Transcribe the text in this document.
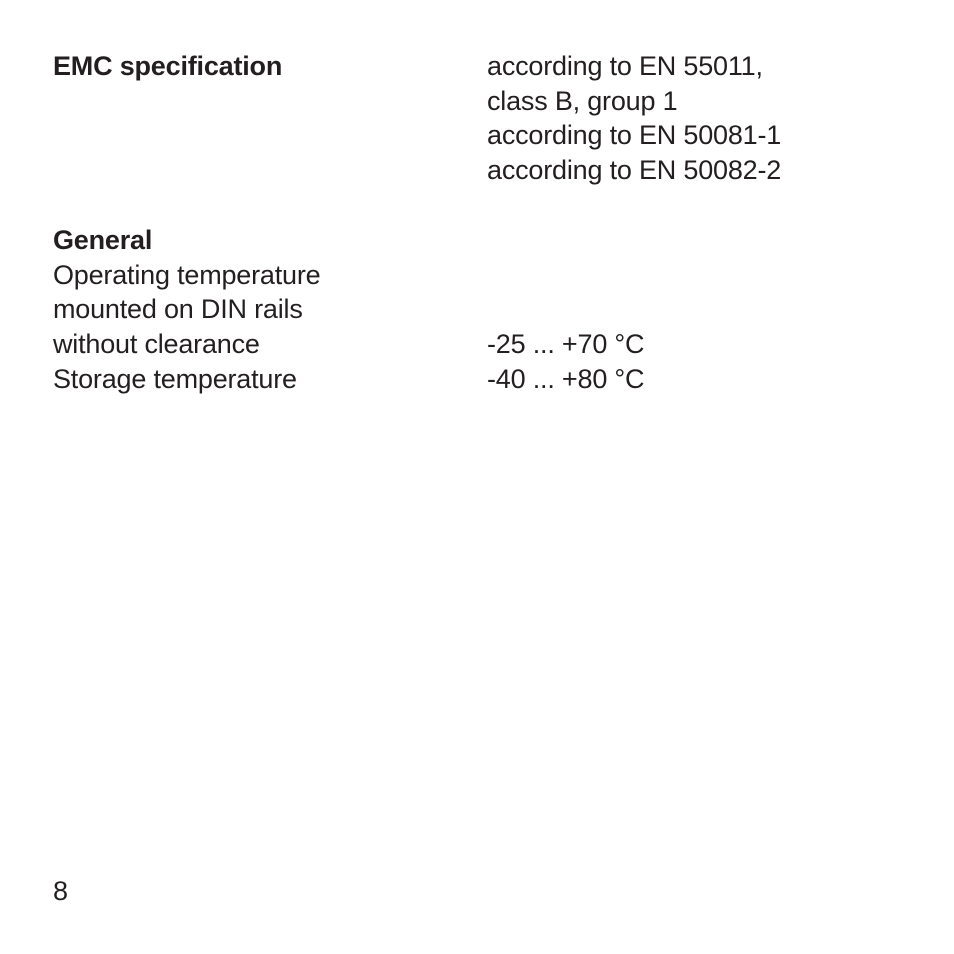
EMC specification	according to EN 55011,
class B, group 1
according to EN 50081-1
according to EN 50082-2
General
Operating temperature
mounted on DIN rails
without clearance	-25 ... +70 °C
Storage temperature	-40 ... +80 °C
8
